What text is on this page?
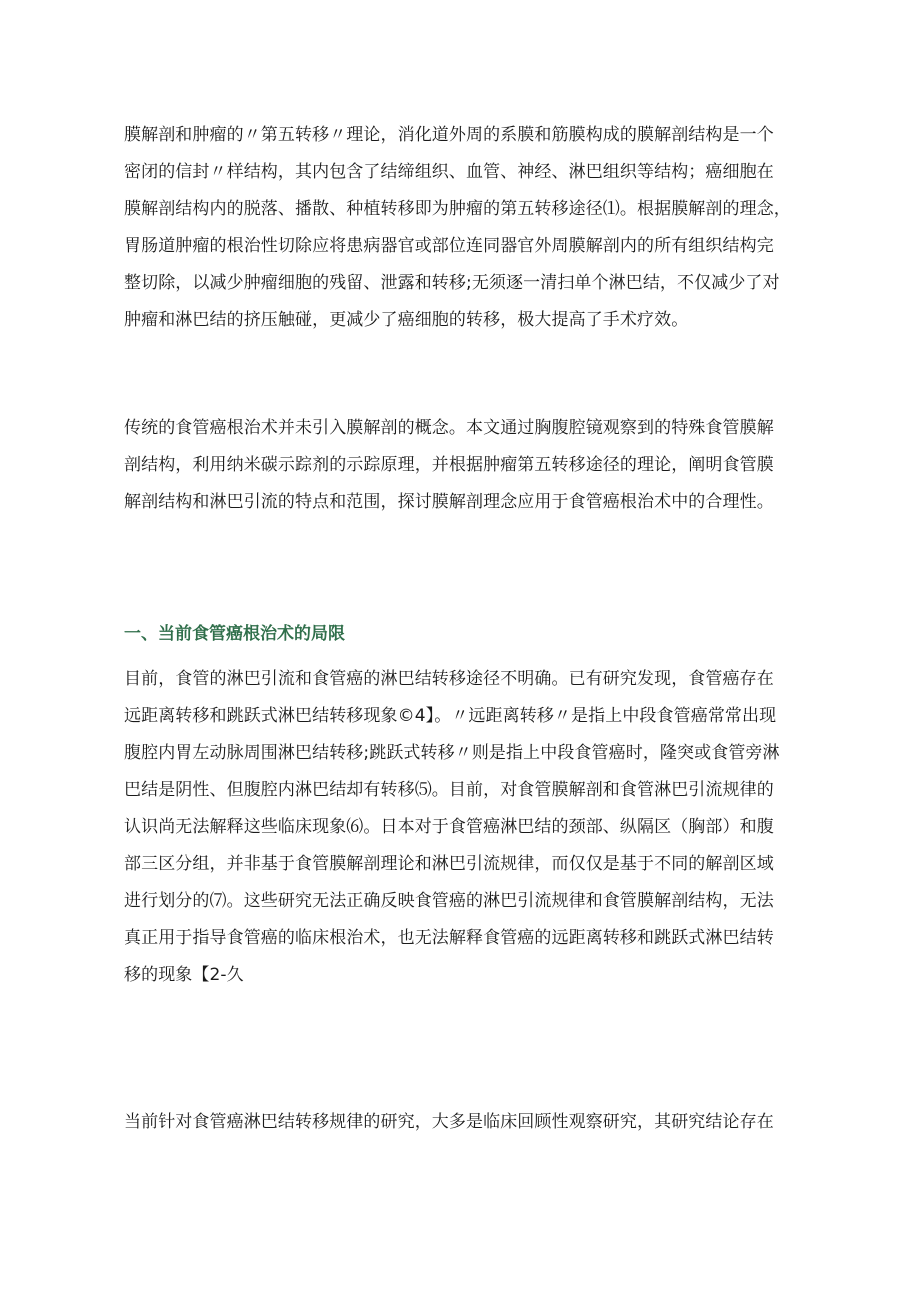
膜解剖和肿瘤的〃第五转移〃理论，消化道外周的系膜和筋膜构成的膜解剖结构是一个
密闭的信封〃样结构，其内包含了结缔组织、血管、神经、淋巴组织等结构；癌细胞在
膜解剖结构内的脱落、播散、种植转移即为肿瘤的第五转移途径⑴。根据膜解剖的理念，
胃肠道肿瘤的根治性切除应将患病器官或部位连同器官外周膜解剖内的所有组织结构完
整切除，以减少肿瘤细胞的残留、泄露和转移;无须逐一清扫单个淋巴结，不仅减少了对
肿瘤和淋巴结的挤压触碰，更减少了癌细胞的转移，极大提高了手术疗效。
传统的食管癌根治术并未引入膜解剖的概念。本文通过胸腹腔镜观察到的特殊食管膜解
剖结构，利用纳米碳示踪剂的示踪原理，并根据肿瘤第五转移途径的理论，阐明食管膜
解剖结构和淋巴引流的特点和范围，探讨膜解剖理念应用于食管癌根治术中的合理性。
一、当前食管癌根治术的局限
目前，食管的淋巴引流和食管癌的淋巴结转移途径不明确。已有研究发现，食管癌存在
远距离转移和跳跃式淋巴结转移现象©4】。〃远距离转移〃是指上中段食管癌常常出现
腹腔内胃左动脉周围淋巴结转移;跳跃式转移〃则是指上中段食管癌时，隆突或食管旁淋
巴结是阴性、但腹腔内淋巴结却有转移⑸。目前，对食管膜解剖和食管淋巴引流规律的
认识尚无法解释这些临床现象⑹。日本对于食管癌淋巴结的颈部、纵隔区（胸部）和腹
部三区分组，并非基于食管膜解剖理论和淋巴引流规律，而仅仅是基于不同的解剖区域
进行划分的⑺。这些研究无法正确反映食管癌的淋巴引流规律和食管膜解剖结构，无法
真正用于指导食管癌的临床根治术，也无法解释食管癌的远距离转移和跳跃式淋巴结转
移的现象【2-久
当前针对食管癌淋巴结转移规律的研究，大多是临床回顾性观察研究，其研究结论存在
